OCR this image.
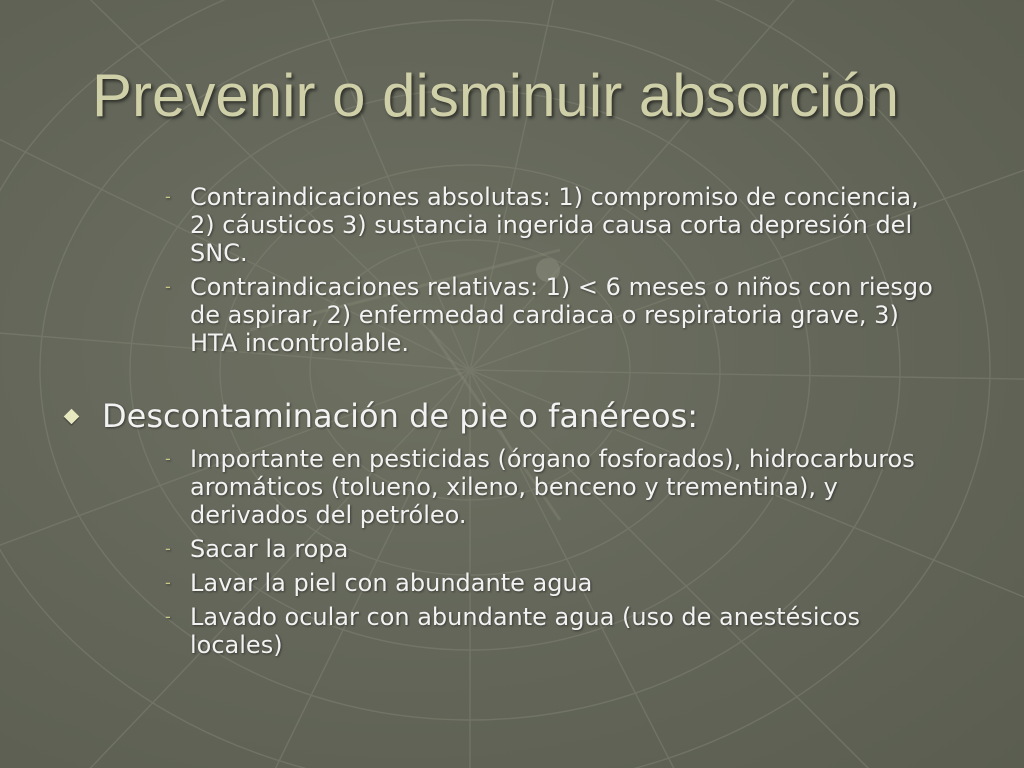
Prevenir o disminuir absorción
- Contraindicaciones absolutas: 1) compromiso de conciencia, 2) cáusticos 3) sustancia ingerida causa corta depresión del SNC.
- Contraindicaciones relativas: 1) < 6 meses o niños con riesgo de aspirar, 2) enfermedad cardiaca o respiratoria grave, 3) HTA incontrolable.
Descontaminación de pie o fanéreos:
- Importante en pesticidas (órgano fosforados), hidrocarburos aromáticos (tolueno, xileno, benceno y trementina), y derivados del petróleo.
- Sacar la ropa
- Lavar la piel con abundante agua
- Lavado ocular con abundante agua (uso de anestésicos locales)
